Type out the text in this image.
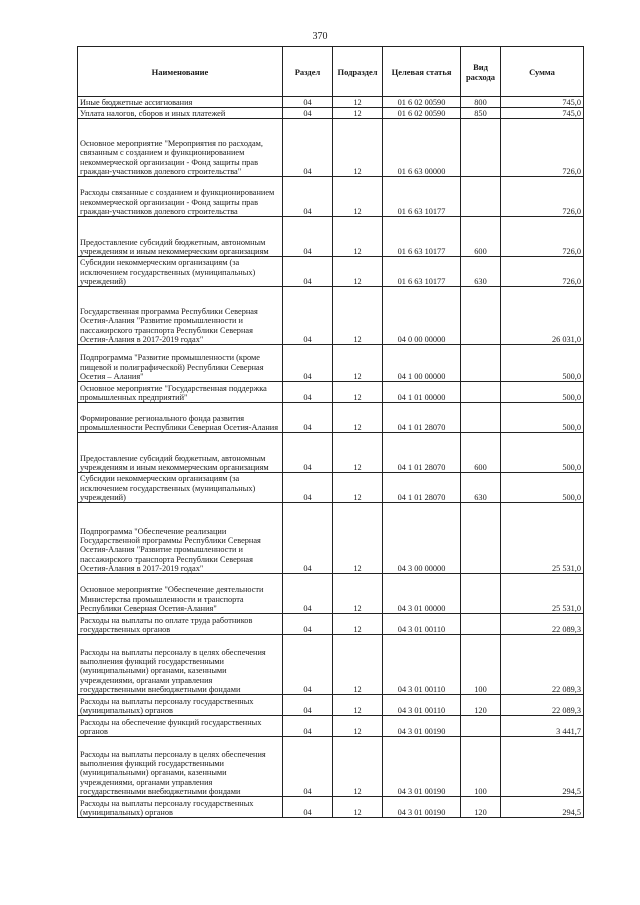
370
Наименование	Раздел	Подраздел	Целевая статья	Вид расхода	Сумма
Иные бюджетные ассигнования	04	12	01 6 02 00590	800	745,0
Уплата налогов, сборов и иных платежей	04	12	01 6 02 00590	850	745,0
Основное мероприятие "Мероприятия по расходам, связанным с созданием и функционированием некоммерческой организации - Фонд защиты прав граждан-участников долевого строительства"	04	12	01 6 63 00000		726,0
Расходы связанные с созданием и функционированием некоммерческой организации - Фонд защиты прав граждан-участников долевого строительства	04	12	01 6 63 10177		726,0
Предоставление субсидий бюджетным, автономным учреждениям и иным некоммерческим организациям	04	12	01 6 63 10177	600	726,0
Субсидии некоммерческим организациям (за исключением государственных (муниципальных) учреждений)	04	12	01 6 63 10177	630	726,0
Государственная программа Республики Северная Осетия-Алания "Развитие промышленности и пассажирского транспорта Республики Северная Осетия-Алания в 2017-2019 годах"	04	12	04 0 00 00000		26 031,0
Подпрограмма "Развитие промышленности (кроме пищевой и полиграфической) Республики Северная Осетия – Алания"	04	12	04 1 00 00000		500,0
Основное мероприятие "Государственная поддержка промышленных предприятий"	04	12	04 1 01 00000		500,0
Формирование регионального фонда развития промышленности Республики Северная Осетия-Алания	04	12	04 1 01 28070		500,0
Предоставление субсидий бюджетным, автономным учреждениям и иным некоммерческим организациям	04	12	04 1 01 28070	600	500,0
Субсидии некоммерческим организациям (за исключением государственных (муниципальных) учреждений)	04	12	04 1 01 28070	630	500,0
Подпрограмма "Обеспечение реализации Государственной программы Республики Северная Осетия-Алания "Развитие промышленности и пассажирского транспорта Республики Северная Осетия-Алания в 2017-2019 годах"	04	12	04 3 00 00000		25 531,0
Основное мероприятие "Обеспечение деятельности Министерства промышленности и транспорта Республики Северная Осетия-Алания"	04	12	04 3 01 00000		25 531,0
Расходы на выплаты по оплате труда работников государственных органов	04	12	04 3 01 00110		22 089,3
Расходы на выплаты персоналу в целях обеспечения выполнения функций государственными (муниципальными) органами, казенными учреждениями, органами управления государственными внебюджетными фондами	04	12	04 3 01 00110	100	22 089,3
Расходы на выплаты персоналу государственных (муниципальных) органов	04	12	04 3 01 00110	120	22 089,3
Расходы на обеспечение функций государственных органов	04	12	04 3 01 00190		3 441,7
Расходы на выплаты персоналу в целях обеспечения выполнения функций государственными (муниципальными) органами, казенными учреждениями, органами управления государственными внебюджетными фондами	04	12	04 3 01 00190	100	294,5
Расходы на выплаты персоналу государственных (муниципальных) органов	04	12	04 3 01 00190	120	294,5
